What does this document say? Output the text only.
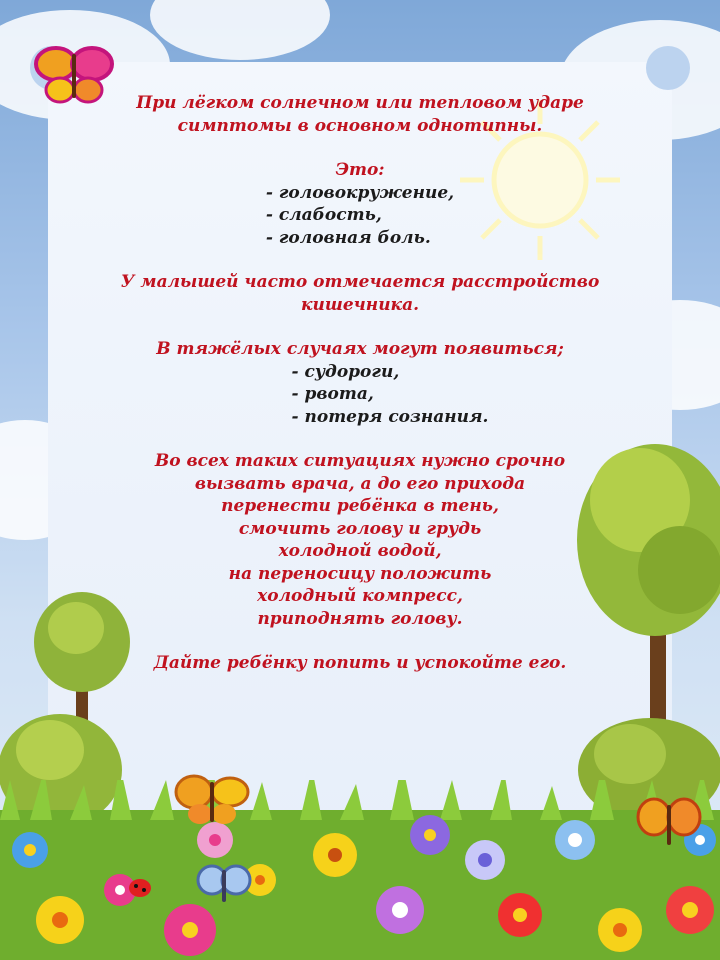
При лёгком солнечном или тепловом ударе

симптомы в основном однотипны.

Это:

- головокружение,

- слабость,

- головная боль.

У малышей часто отмечается расстройство

кишечника.

В тяжёлых случаях могут появиться;

- судороги,

- рвота,

- потеря сознания.

Во всех таких ситуациях нужно срочно

вызвать врача, а до его прихода

перенести ребёнка в тень,

смочить голову и грудь

холодной водой,

на переносицу положить

холодный компресс,

приподнять голову.

Дайте ребёнку попить и успокойте его.
